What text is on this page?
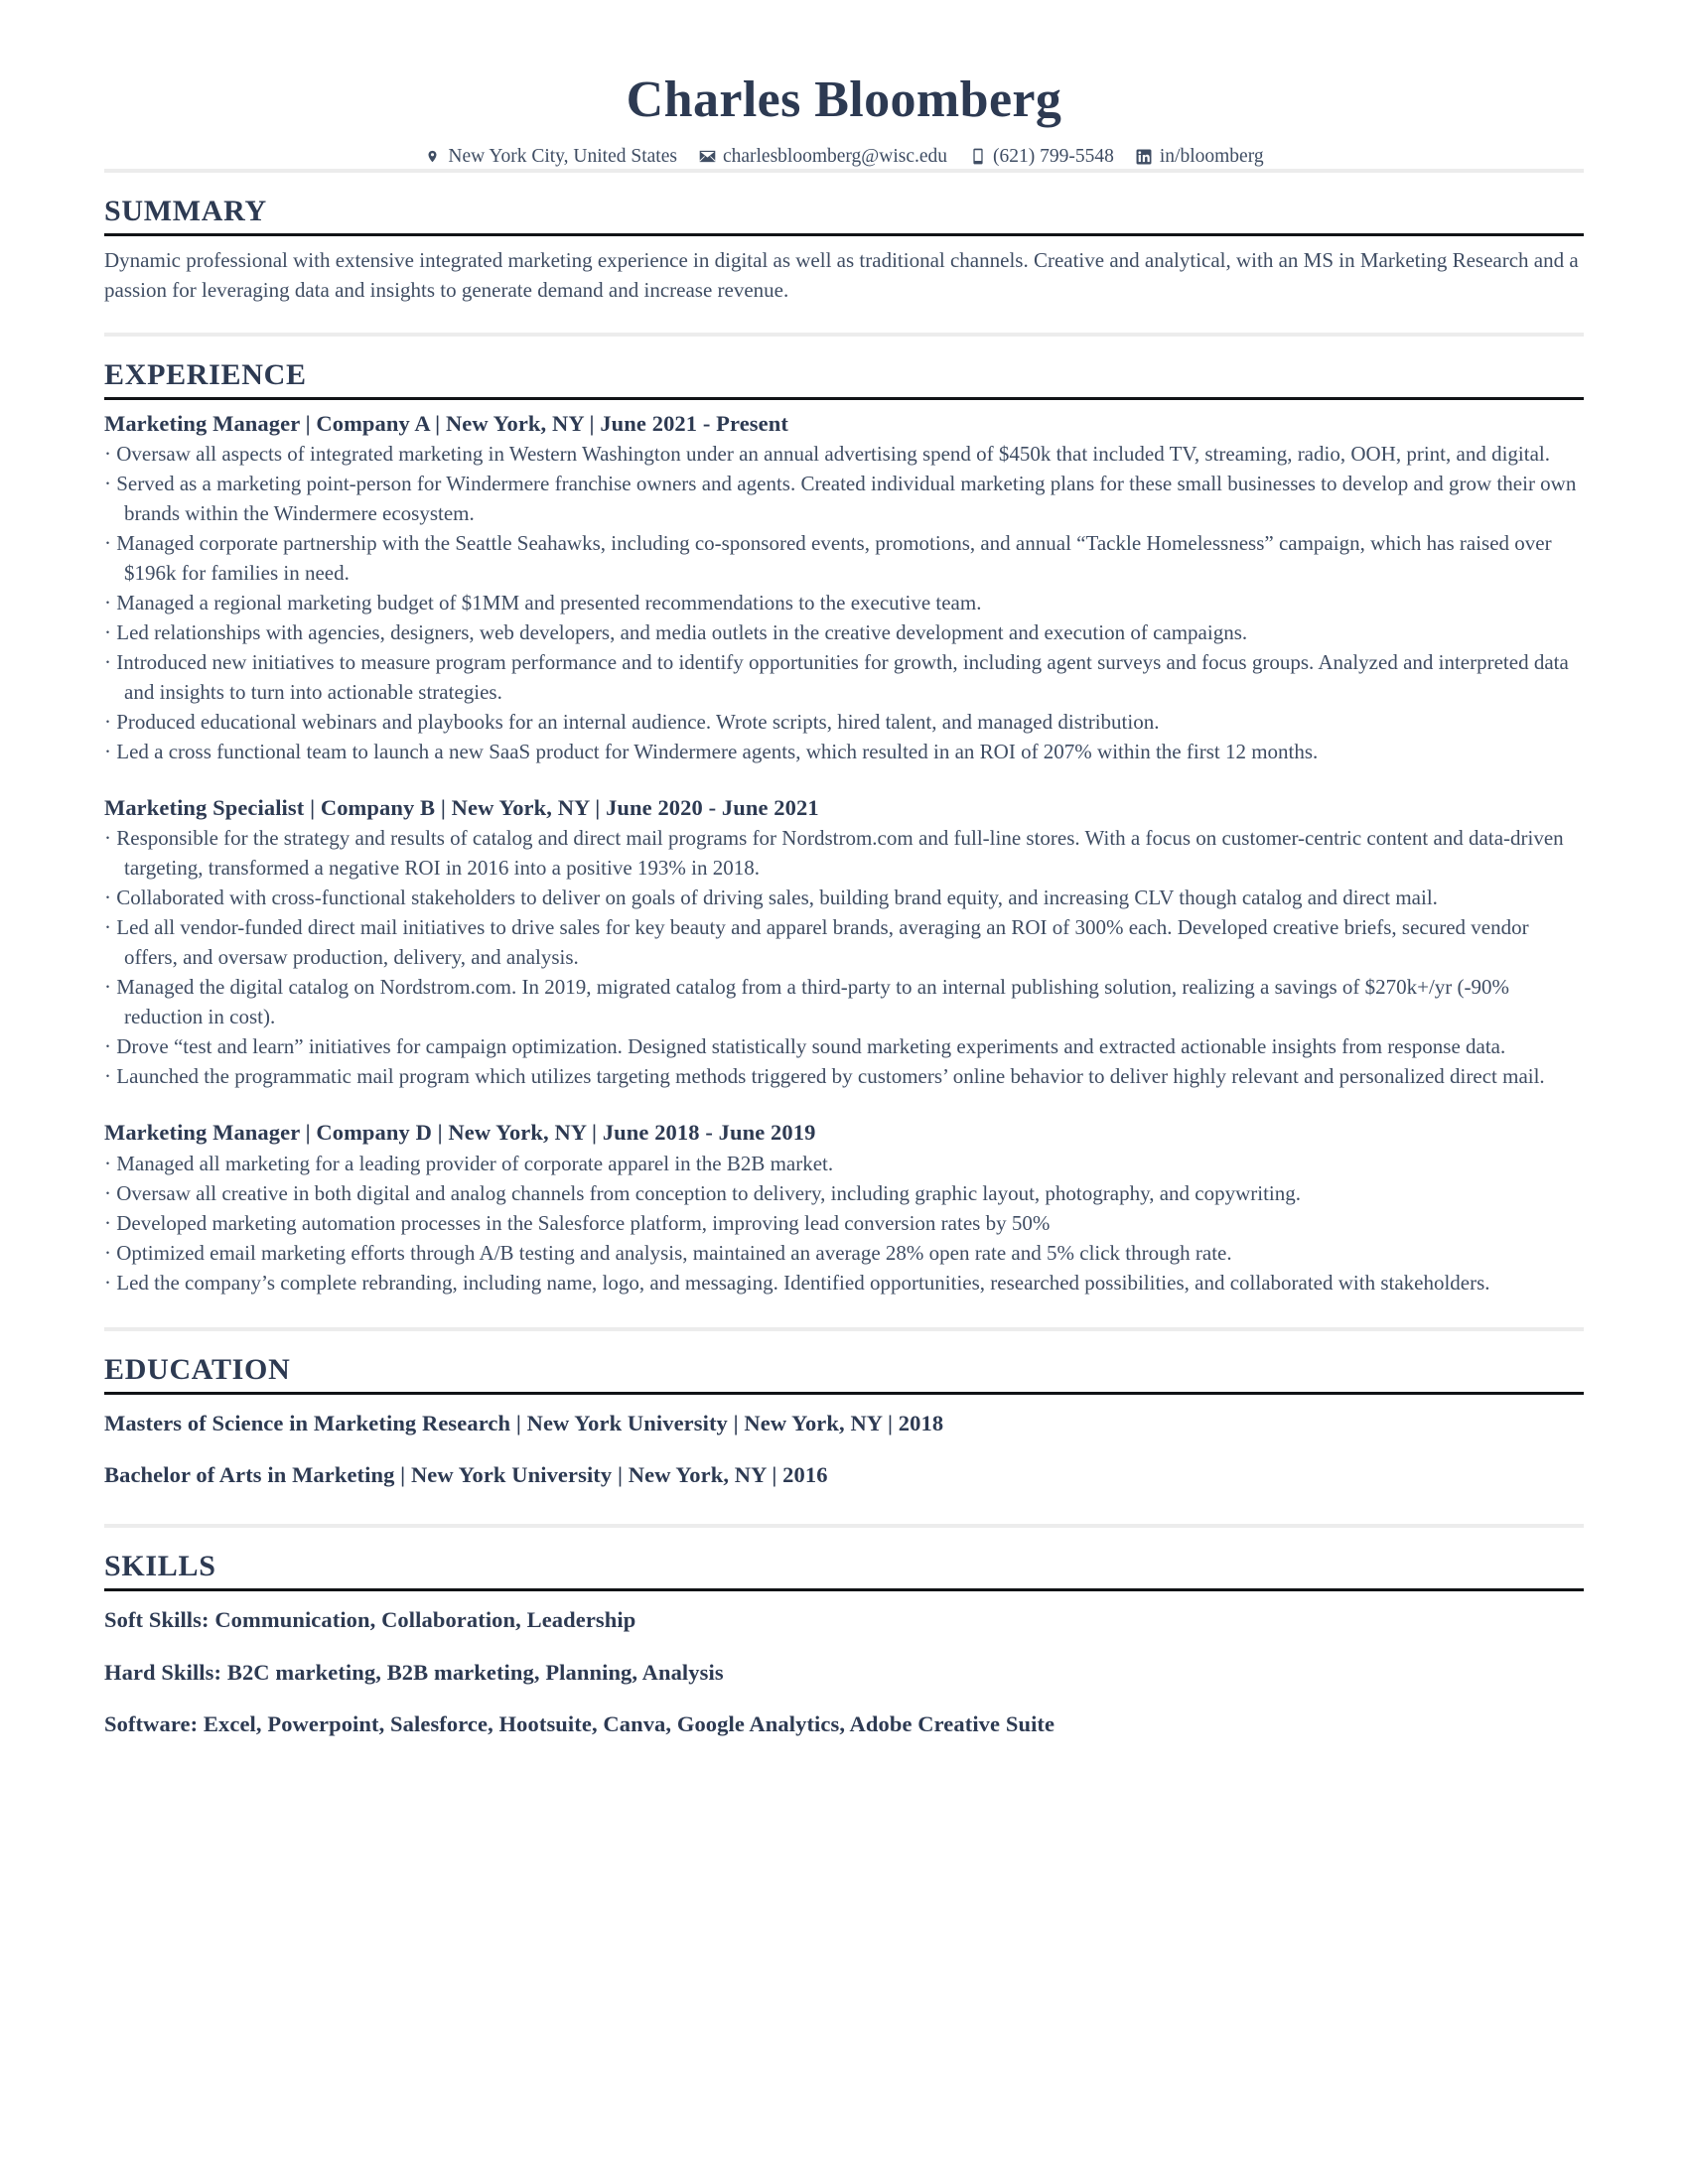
Charles Bloomberg
New York City, United States charlesbloomberg@wisc.edu (621) 799-5548 in/bloomberg
SUMMARY

Dynamic professional with extensive integrated marketing experience in digital as well as traditional channels. Creative and analytical, with an MS in Marketing Research and a passion for leveraging data and insights to generate demand and increase revenue.

EXPERIENCE
Marketing Manager | Company A | New York, NY | June 2021 - Present
· Oversaw all aspects of integrated marketing in Western Washington under an annual advertising spend of $450k that included TV, streaming, radio, OOH, print, and digital.
· Served as a marketing point-person for Windermere franchise owners and agents. Created individual marketing plans for these small businesses to develop and grow their own brands within the Windermere ecosystem.
· Managed corporate partnership with the Seattle Seahawks, including co-sponsored events, promotions, and annual “Tackle Homelessness” campaign, which has raised over $196k for families in need.
· Managed a regional marketing budget of $1MM and presented recommendations to the executive team.
· Led relationships with agencies, designers, web developers, and media outlets in the creative development and execution of campaigns.
· Introduced new initiatives to measure program performance and to identify opportunities for growth, including agent surveys and focus groups. Analyzed and interpreted data and insights to turn into actionable strategies.
· Produced educational webinars and playbooks for an internal audience. Wrote scripts, hired talent, and managed distribution.
· Led a cross functional team to launch a new SaaS product for Windermere agents, which resulted in an ROI of 207% within the first 12 months.
Marketing Specialist | Company B | New York, NY | June 2020 - June 2021
· Responsible for the strategy and results of catalog and direct mail programs for Nordstrom.com and full-line stores. With a focus on customer-centric content and data-driven targeting, transformed a negative ROI in 2016 into a positive 193% in 2018.
· Collaborated with cross-functional stakeholders to deliver on goals of driving sales, building brand equity, and increasing CLV though catalog and direct mail.
· Led all vendor-funded direct mail initiatives to drive sales for key beauty and apparel brands, averaging an ROI of 300% each. Developed creative briefs, secured vendor offers, and oversaw production, delivery, and analysis.
· Managed the digital catalog on Nordstrom.com. In 2019, migrated catalog from a third-party to an internal publishing solution, realizing a savings of $270k+/yr (-90% reduction in cost).
· Drove “test and learn” initiatives for campaign optimization. Designed statistically sound marketing experiments and extracted actionable insights from response data.
· Launched the programmatic mail program which utilizes targeting methods triggered by customers’ online behavior to deliver highly relevant and personalized direct mail.
Marketing Manager | Company D | New York, NY | June 2018 - June 2019
· Managed all marketing for a leading provider of corporate apparel in the B2B market.
· Oversaw all creative in both digital and analog channels from conception to delivery, including graphic layout, photography, and copywriting.
· Developed marketing automation processes in the Salesforce platform, improving lead conversion rates by 50%
· Optimized email marketing efforts through A/B testing and analysis, maintained an average 28% open rate and 5% click through rate.
· Led the company’s complete rebranding, including name, logo, and messaging. Identified opportunities, researched possibilities, and collaborated with stakeholders.
EDUCATION
Masters of Science in Marketing Research | New York University | New York, NY | 2018
Bachelor of Arts in Marketing | New York University | New York, NY | 2016
SKILLS
Soft Skills: Communication, Collaboration, Leadership
Hard Skills: B2C marketing, B2B marketing, Planning, Analysis
Software: Excel, Powerpoint, Salesforce, Hootsuite, Canva, Google Analytics, Adobe Creative Suite
